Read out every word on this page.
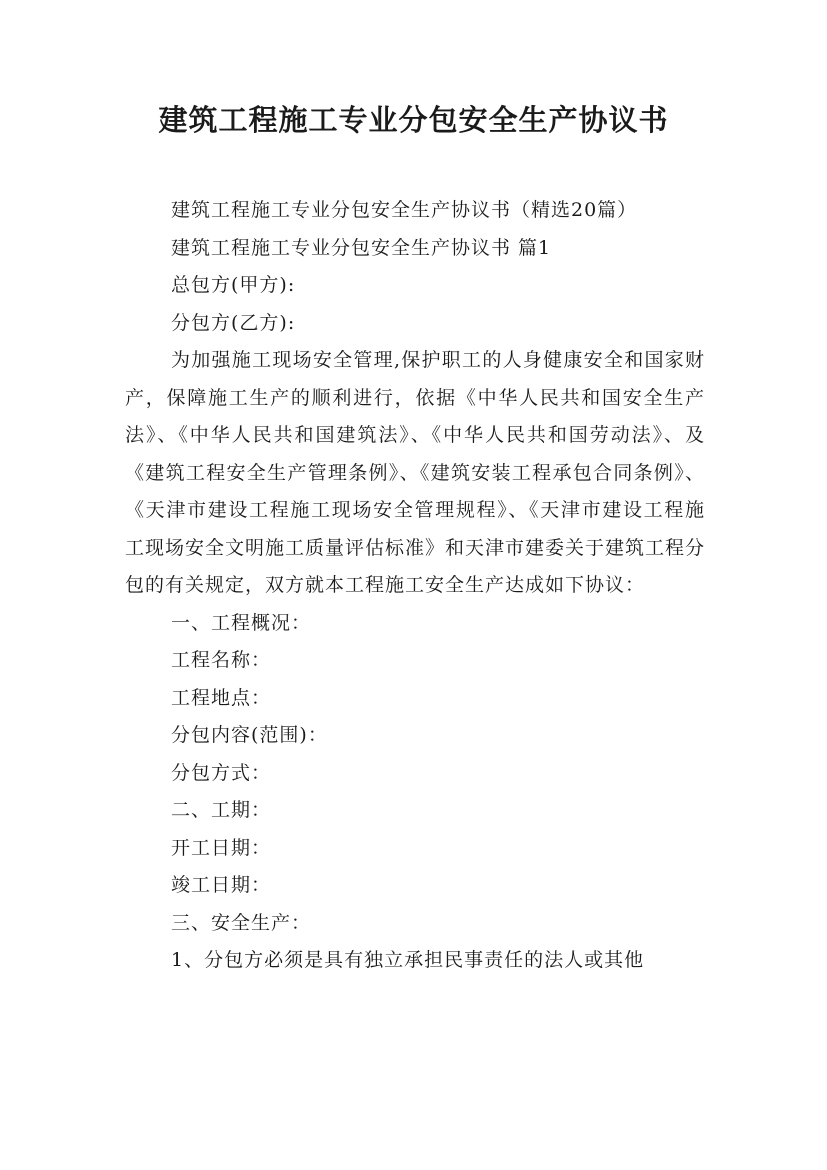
建筑工程施工专业分包安全生产协议书

建筑工程施工专业分包安全生产协议书（精选20篇）

建筑工程施工专业分包安全生产协议书 篇1

总包方(甲方):

分包方(乙方):

为加强施工现场安全管理,保护职工的人身健康安全和国家财产，保障施工生产的顺利进行，依据《中华人民共和国安全生产法》、《中华人民共和国建筑法》、《中华人民共和国劳动法》、及《建筑工程安全生产管理条例》、《建筑安装工程承包合同条例》、《天津市建设工程施工现场安全管理规程》、《天津市建设工程施工现场安全文明施工质量评估标准》和天津市建委关于建筑工程分包的有关规定，双方就本工程施工安全生产达成如下协议：

一、工程概况：

工程名称：

工程地点：

分包内容(范围)：

分包方式：

二、工期：

开工日期：

竣工日期：

三、安全生产：

1、分包方必须是具有独立承担民事责任的法人或其他
